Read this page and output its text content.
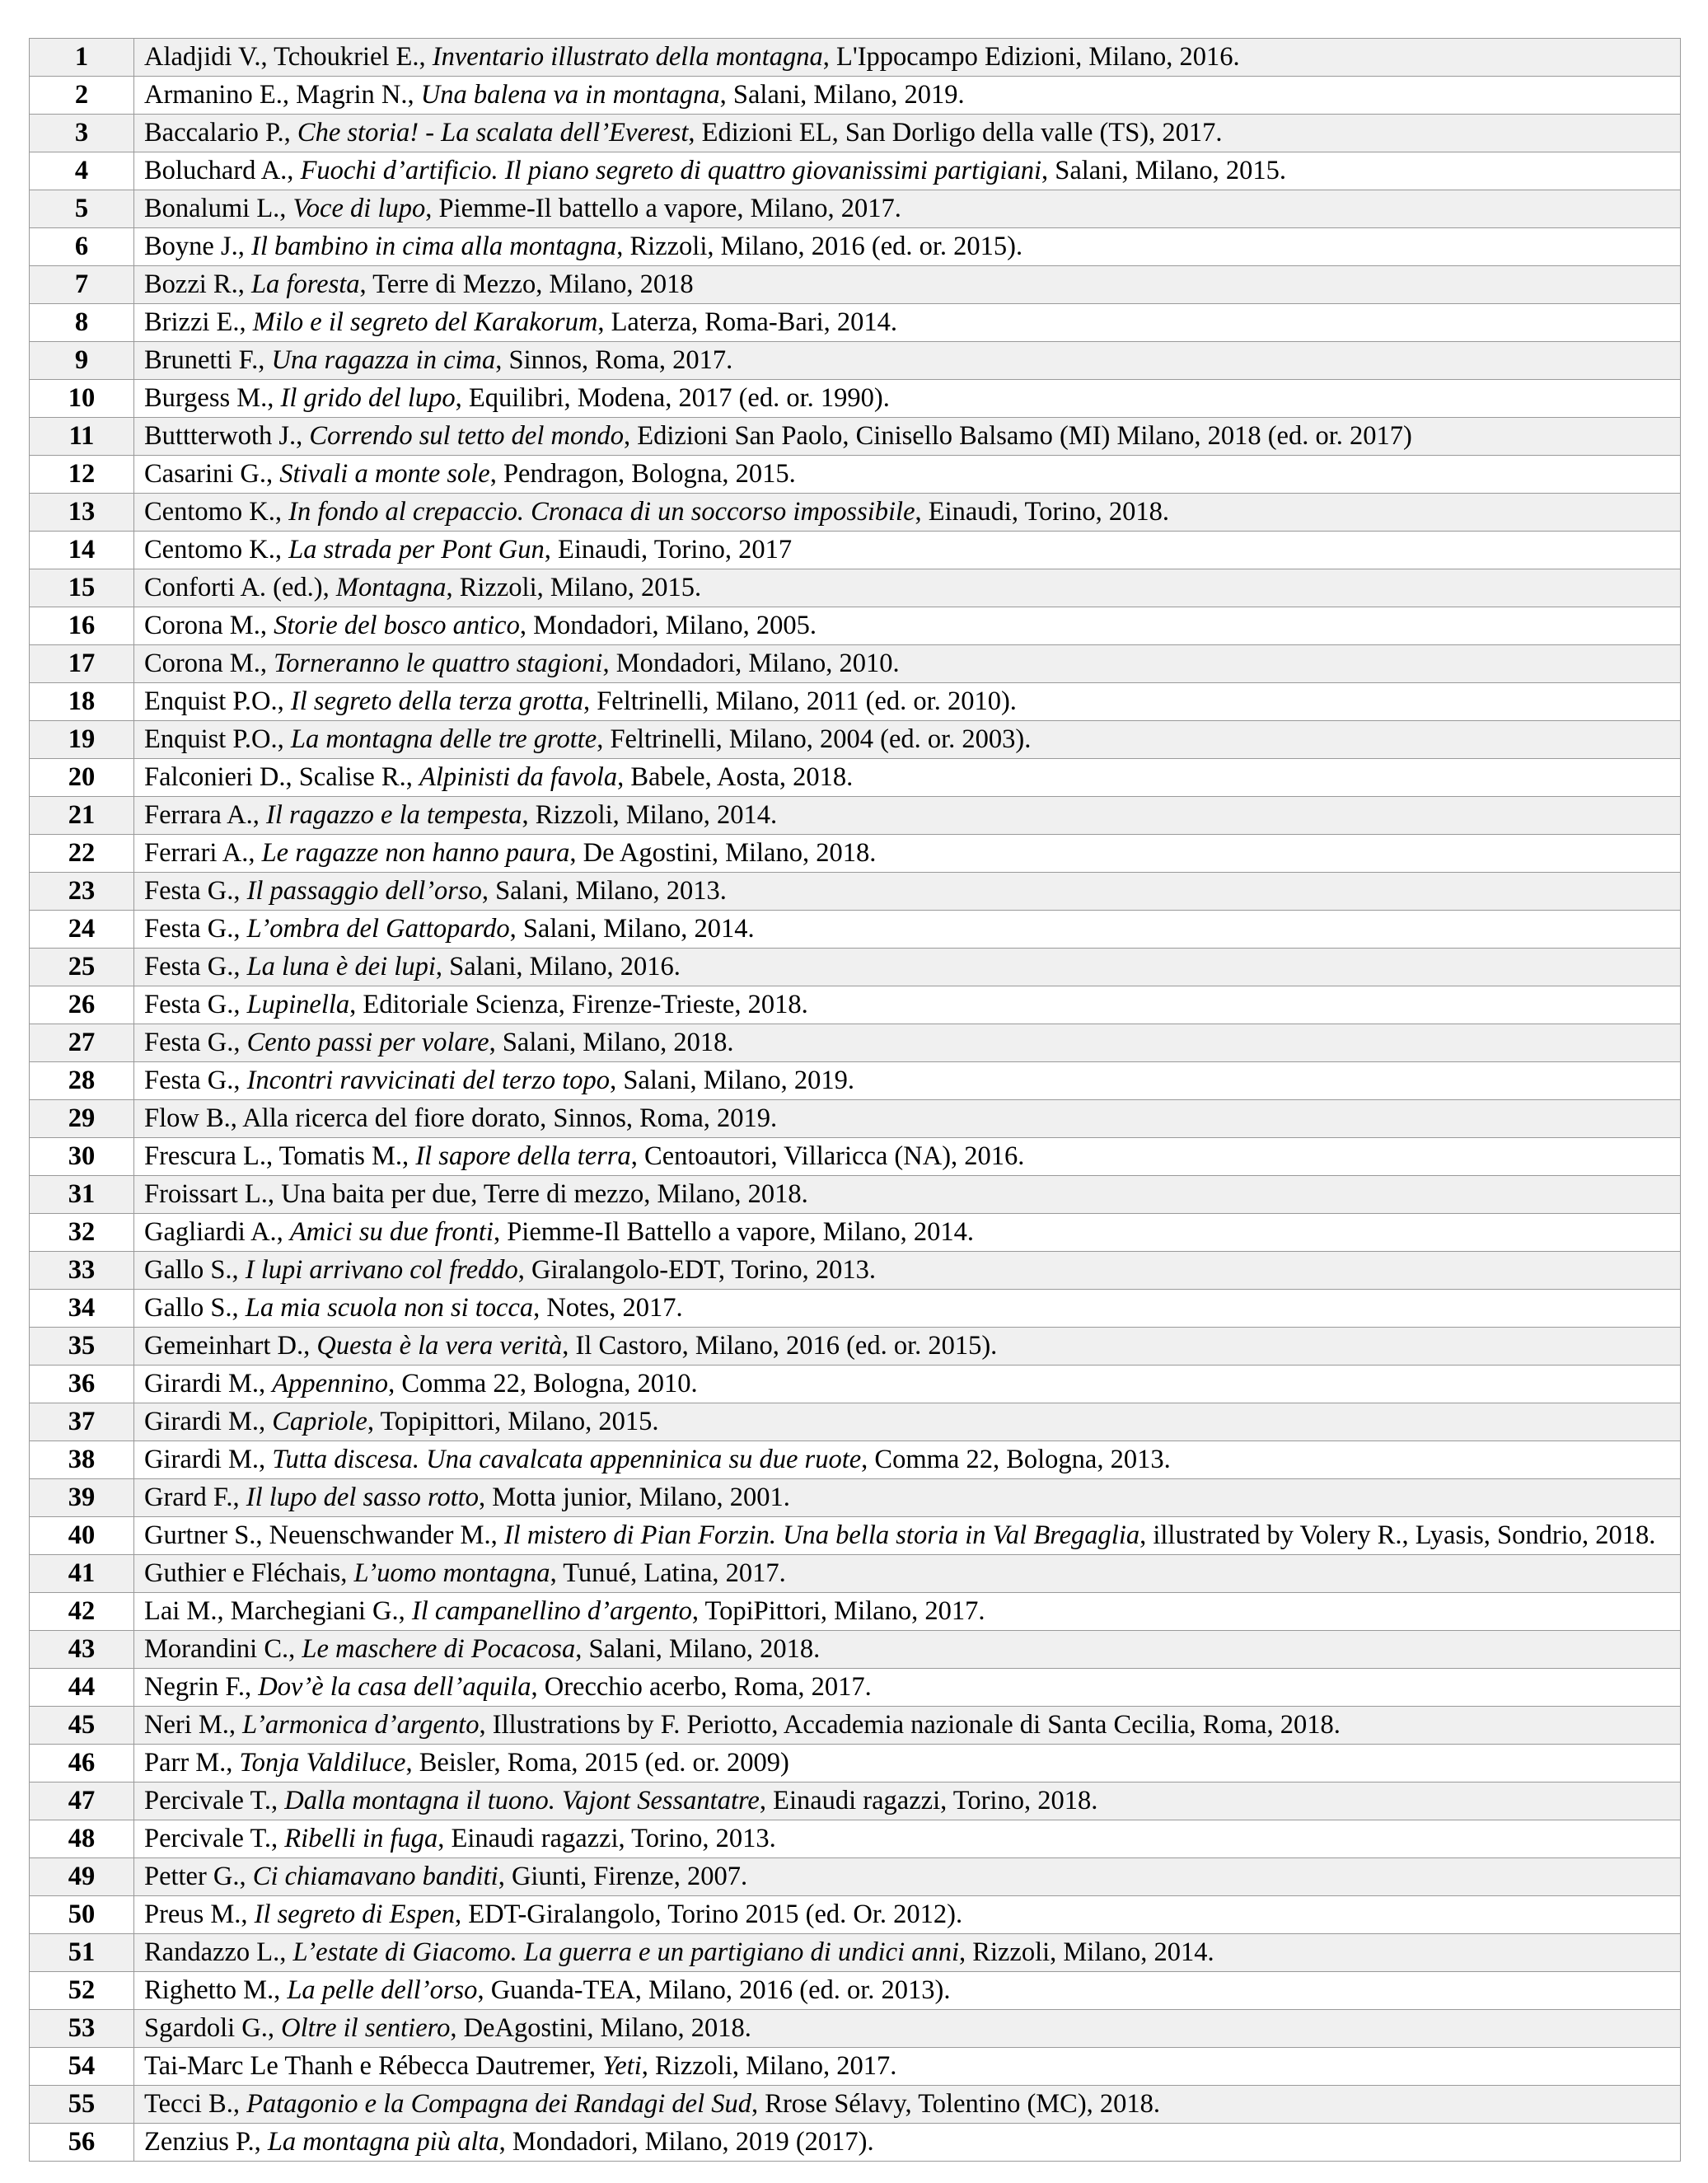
1	Aladjidi V., Tchoukriel E., Inventario illustrato della montagna, L'Ippocampo Edizioni, Milano, 2016.
2	Armanino E., Magrin N., Una balena va in montagna, Salani, Milano, 2019.
3	Baccalario P., Che storia! - La scalata dell’Everest, Edizioni EL, San Dorligo della valle (TS), 2017.
4	Boluchard A., Fuochi d’artificio. Il piano segreto di quattro giovanissimi partigiani, Salani, Milano, 2015.
5	Bonalumi L., Voce di lupo, Piemme-Il battello a vapore, Milano, 2017.
6	Boyne J., Il bambino in cima alla montagna, Rizzoli, Milano, 2016 (ed. or. 2015).
7	Bozzi R., La foresta, Terre di Mezzo, Milano, 2018
8	Brizzi E., Milo e il segreto del Karakorum, Laterza, Roma-Bari, 2014.
9	Brunetti F., Una ragazza in cima, Sinnos, Roma, 2017.
10	Burgess M., Il grido del lupo, Equilibri, Modena, 2017 (ed. or. 1990).
11	Buttterwoth J., Correndo sul tetto del mondo, Edizioni San Paolo, Cinisello Balsamo (MI) Milano, 2018 (ed. or. 2017)
12	Casarini G., Stivali a monte sole, Pendragon, Bologna, 2015.
13	Centomo K., In fondo al crepaccio. Cronaca di un soccorso impossibile, Einaudi, Torino, 2018.
14	Centomo K., La strada per Pont Gun, Einaudi, Torino, 2017
15	Conforti A. (ed.), Montagna, Rizzoli, Milano, 2015.
16	Corona M., Storie del bosco antico, Mondadori, Milano, 2005.
17	Corona M., Torneranno le quattro stagioni, Mondadori, Milano, 2010.
18	Enquist P.O., Il segreto della terza grotta, Feltrinelli, Milano, 2011 (ed. or. 2010).
19	Enquist P.O., La montagna delle tre grotte, Feltrinelli, Milano, 2004 (ed. or. 2003).
20	Falconieri D., Scalise R., Alpinisti da favola, Babele, Aosta, 2018.
21	Ferrara A., Il ragazzo e la tempesta, Rizzoli, Milano, 2014.
22	Ferrari A., Le ragazze non hanno paura, De Agostini, Milano, 2018.
23	Festa G., Il passaggio dell’orso, Salani, Milano, 2013.
24	Festa G., L’ombra del Gattopardo, Salani, Milano, 2014.
25	Festa G., La luna è dei lupi, Salani, Milano, 2016.
26	Festa G., Lupinella, Editoriale Scienza, Firenze-Trieste, 2018.
27	Festa G., Cento passi per volare, Salani, Milano, 2018.
28	Festa G., Incontri ravvicinati del terzo topo, Salani, Milano, 2019.
29	Flow B., Alla ricerca del fiore dorato, Sinnos, Roma, 2019.
30	Frescura L., Tomatis M., Il sapore della terra, Centoautori, Villaricca (NA), 2016.
31	Froissart L., Una baita per due, Terre di mezzo, Milano, 2018.
32	Gagliardi A., Amici su due fronti, Piemme-Il Battello a vapore, Milano, 2014.
33	Gallo S., I lupi arrivano col freddo, Giralangolo-EDT, Torino, 2013.
34	Gallo S., La mia scuola non si tocca, Notes, 2017.
35	Gemeinhart D., Questa è la vera verità, Il Castoro, Milano, 2016 (ed. or. 2015).
36	Girardi M., Appennino, Comma 22, Bologna, 2010.
37	Girardi M., Capriole, Topipittori, Milano, 2015.
38	Girardi M., Tutta discesa. Una cavalcata appenninica su due ruote, Comma 22, Bologna, 2013.
39	Grard F., Il lupo del sasso rotto, Motta junior, Milano, 2001.
40	Gurtner S., Neuenschwander M., Il mistero di Pian Forzin. Una bella storia in Val Bregaglia, illustrated by Volery R., Lyasis, Sondrio, 2018.
41	Guthier e Fléchais, L’uomo montagna, Tunué, Latina, 2017.
42	Lai M., Marchegiani G., Il campanellino d’argento, TopiPittori, Milano, 2017.
43	Morandini C., Le maschere di Pocacosa, Salani, Milano, 2018.
44	Negrin F., Dov’è la casa dell’aquila, Orecchio acerbo, Roma, 2017.
45	Neri M., L’armonica d’argento, Illustrations by F. Periotto, Accademia nazionale di Santa Cecilia, Roma, 2018.
46	Parr M., Tonja Valdiluce, Beisler, Roma, 2015 (ed. or. 2009)
47	Percivale T., Dalla montagna il tuono. Vajont Sessantatre, Einaudi ragazzi, Torino, 2018.
48	Percivale T., Ribelli in fuga, Einaudi ragazzi, Torino, 2013.
49	Petter G., Ci chiamavano banditi, Giunti, Firenze, 2007.
50	Preus M., Il segreto di Espen, EDT-Giralangolo, Torino 2015 (ed. Or. 2012).
51	Randazzo L., L’estate di Giacomo. La guerra e un partigiano di undici anni, Rizzoli, Milano, 2014.
52	Righetto M., La pelle dell’orso, Guanda-TEA, Milano, 2016 (ed. or. 2013).
53	Sgardoli G., Oltre il sentiero, DeAgostini, Milano, 2018.
54	Tai-Marc Le Thanh e Rébecca Dautremer, Yeti, Rizzoli, Milano, 2017.
55	Tecci B., Patagonio e la Compagna dei Randagi del Sud, Rrose Sélavy, Tolentino (MC), 2018.
56	Zenzius P., La montagna più alta, Mondadori, Milano, 2019 (2017).
